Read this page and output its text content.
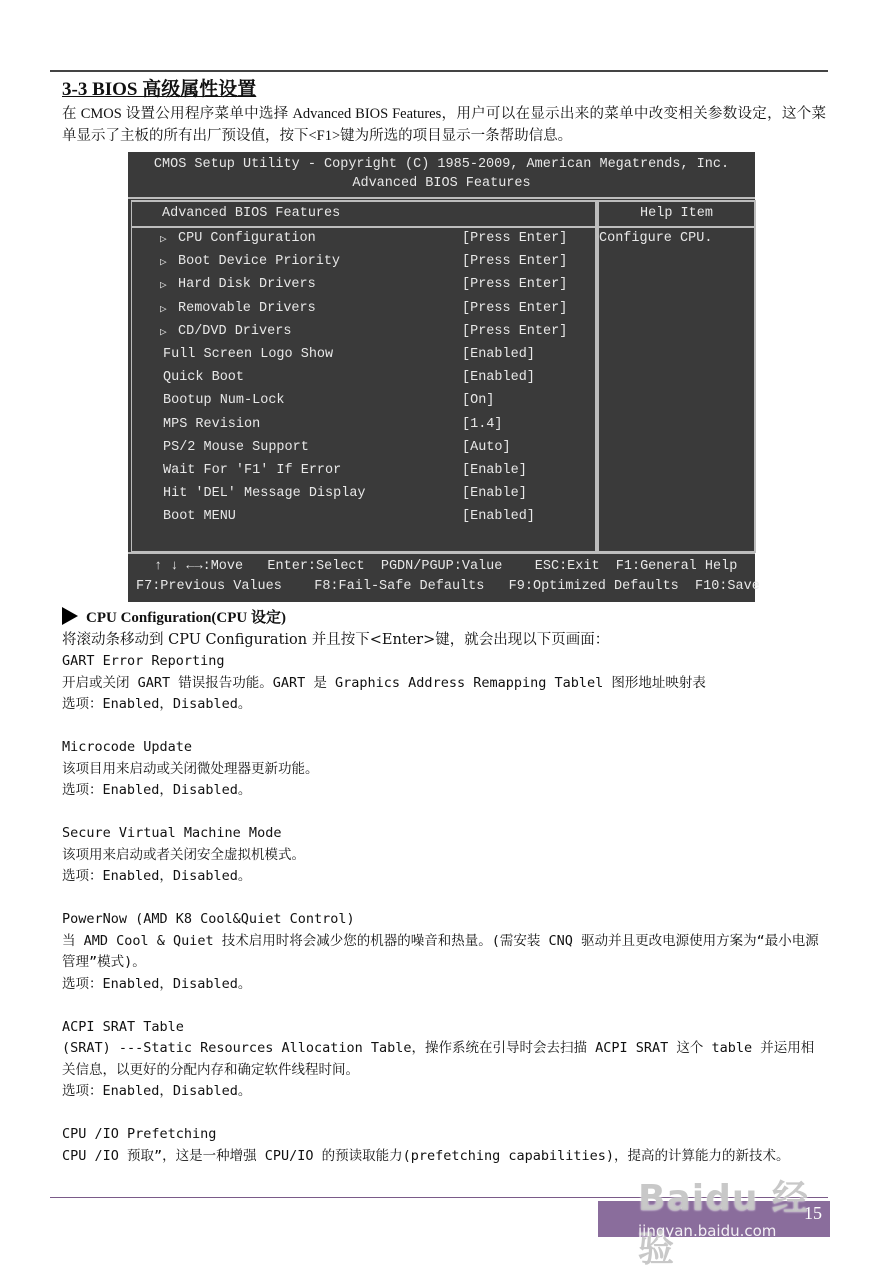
3-3 BIOS 高级属性设置
在 CMOS 设置公用程序菜单中选择 Advanced BIOS Features，用户可以在显示出来的菜单中改变相关参数设定，这个菜单显示了主板的所有出厂预设值，按下<F1>键为所选的项目显示一条帮助信息。
CMOS Setup Utility - Copyright (C) 1985-2009, American Megatrends, Inc.
Advanced BIOS Features
Advanced BIOS Features
▷ CPU Configuration	[Press Enter]
▷ Boot Device Priority	[Press Enter]
▷ Hard Disk Drivers	[Press Enter]
▷ Removable Drivers	[Press Enter]
▷ CD/DVD Drivers	[Press Enter]
Full Screen Logo Show	[Enabled]
Quick Boot	[Enabled]
Bootup Num-Lock	[On]
MPS Revision	[1.4]
PS/2 Mouse Support	[Auto]
Wait For 'F1' If Error	[Enable]
Hit 'DEL' Message Display	[Enable]
Boot MENU	[Enabled]
Help Item
Configure CPU.
↑ ↓ ←→:Move   Enter:Select  PGDN/PGUP:Value    ESC:Exit  F1:General Help
F7:Previous Values    F8:Fail-Safe Defaults   F9:Optimized Defaults  F10:Save
CPU Configuration(CPU 设定)

将滚动条移动到 CPU Configuration 并且按下<Enter>键，就会出现以下页画面：

GART Error Reporting

开启或关闭 GART 错误报告功能。GART 是 Graphics Address Remapping Tablel 图形地址映射表

选项：Enabled，Disabled。

Microcode Update

该项目用来启动或关闭微处理器更新功能。

选项：Enabled，Disabled。

Secure Virtual Machine Mode

该项用来启动或者关闭安全虚拟机模式。

选项：Enabled，Disabled。

PowerNow (AMD K8 Cool&Quiet Control)

当 AMD Cool & Quiet 技术启用时将会减少您的机器的噪音和热量。(需安装 CNQ 驱动并且更改电源使用方案为“最小电源管理”模式)。

选项：Enabled，Disabled。

ACPI SRAT Table

(SRAT) ---Static Resources Allocation Table，操作系统在引导时会去扫描 ACPI SRAT 这个 table 并运用相关信息，以更好的分配内存和确定软件线程时间。

选项：Enabled，Disabled。

CPU /IO Prefetching

CPU /IO 预取”，这是一种增强 CPU/IO 的预读取能力(prefetching capabilities)，提高的计算能力的新技术。

15
Baidu 经验
jingyan.baidu.com
